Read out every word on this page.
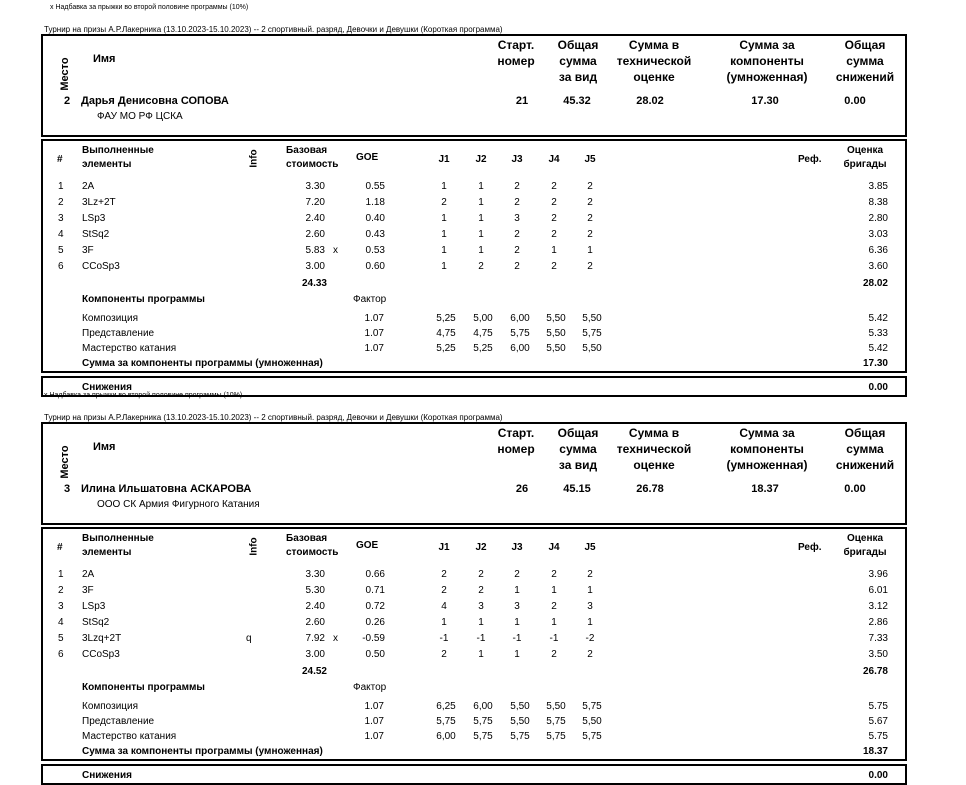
x Надбавка за прыжки во второй половине программы (10%)
Турнир на призы А.Р.Лакерника (13.10.2023-15.10.2023) -- 2 спортивный. разряд, Девочки и Девушки (Короткая программа)
Место Имя
Старт.
номер
Общая
сумма
за вид
Сумма в
технической
оценке
Сумма за
компоненты
(умноженная)
Общая
сумма
снижений
2 Дарья Денисовна СОПОВА
ФАУ МО РФ ЦСКА
21	45.32	28.02	17.30	0.00
#
Выполненные
элементы	Info	Базовая
стоимость
GOE	J1	J2	J3	J4	J5	Реф.
Оценка
бригады
1 2A	3.30	0.55	1	1	2	2	2	3.85
2 3Lz+2T	7.20	1.18	2	1	2	2	2	8.38
3 LSp3	2.40	0.40	1	1	3	2	2	2.80
4 StSq2	2.60	0.43	1	1	2	2	2	3.03
5 3F	5.83 x	0.53	1	1	2	1	1	6.36
6 CCoSp3	3.00	0.60	1	2	2	2	2	3.60
24.33	28.02
Компоненты программы	Фактор
Композиция	1.07	5,25	5,00	6,00	5,50	5,50	5.42
Представление	1.07	4,75	4,75	5,75	5,50	5,75	5.33
Мастерство катания	1.07	5,25	5,25	6,00	5,50	5,50	5.42
Сумма за компоненты программы (умноженная)	17.30
Снижения	0.00
x Надбавка за прыжки во второй половине программы (10%)
Турнир на призы А.Р.Лакерника (13.10.2023-15.10.2023) -- 2 спортивный. разряд, Девочки и Девушки (Короткая программа)
Место Имя
Старт.
номер
Общая
сумма
за вид
Сумма в
технической
оценке
Сумма за
компоненты
(умноженная)
Общая
сумма
снижений
3 Илина Ильшатовна АСКАРОВА
ООО СК Армия Фигурного Катания
26	45.15	26.78	18.37	0.00
#
Выполненные
элементы	Info	Базовая
стоимость
GOE	J1	J2	J3	J4	J5	Реф.
Оценка
бригады
1 2A	3.30	0.66	2	2	2	2	2	3.96
2 3F	5.30	0.71	2	2	1	1	1	6.01
3 LSp3	2.40	0.72	4	3	3	2	3	3.12
4 StSq2	2.60	0.26	1	1	1	1	1	2.86
5 3Lzq+2T	q	7.92 x	-0.59	-1	-1	-1	-1	-2	7.33
6 CCoSp3	3.00	0.50	2	1	1	2	2	3.50
24.52	26.78
Компоненты программы	Фактор
Композиция	1.07	6,25	6,00	5,50	5,50	5,75	5.75
Представление	1.07	5,75	5,75	5,50	5,75	5,50	5.67
Мастерство катания	1.07	6,00	5,75	5,75	5,75	5,75	5.75
Сумма за компоненты программы (умноженная)	18.37
Снижения	0.00
